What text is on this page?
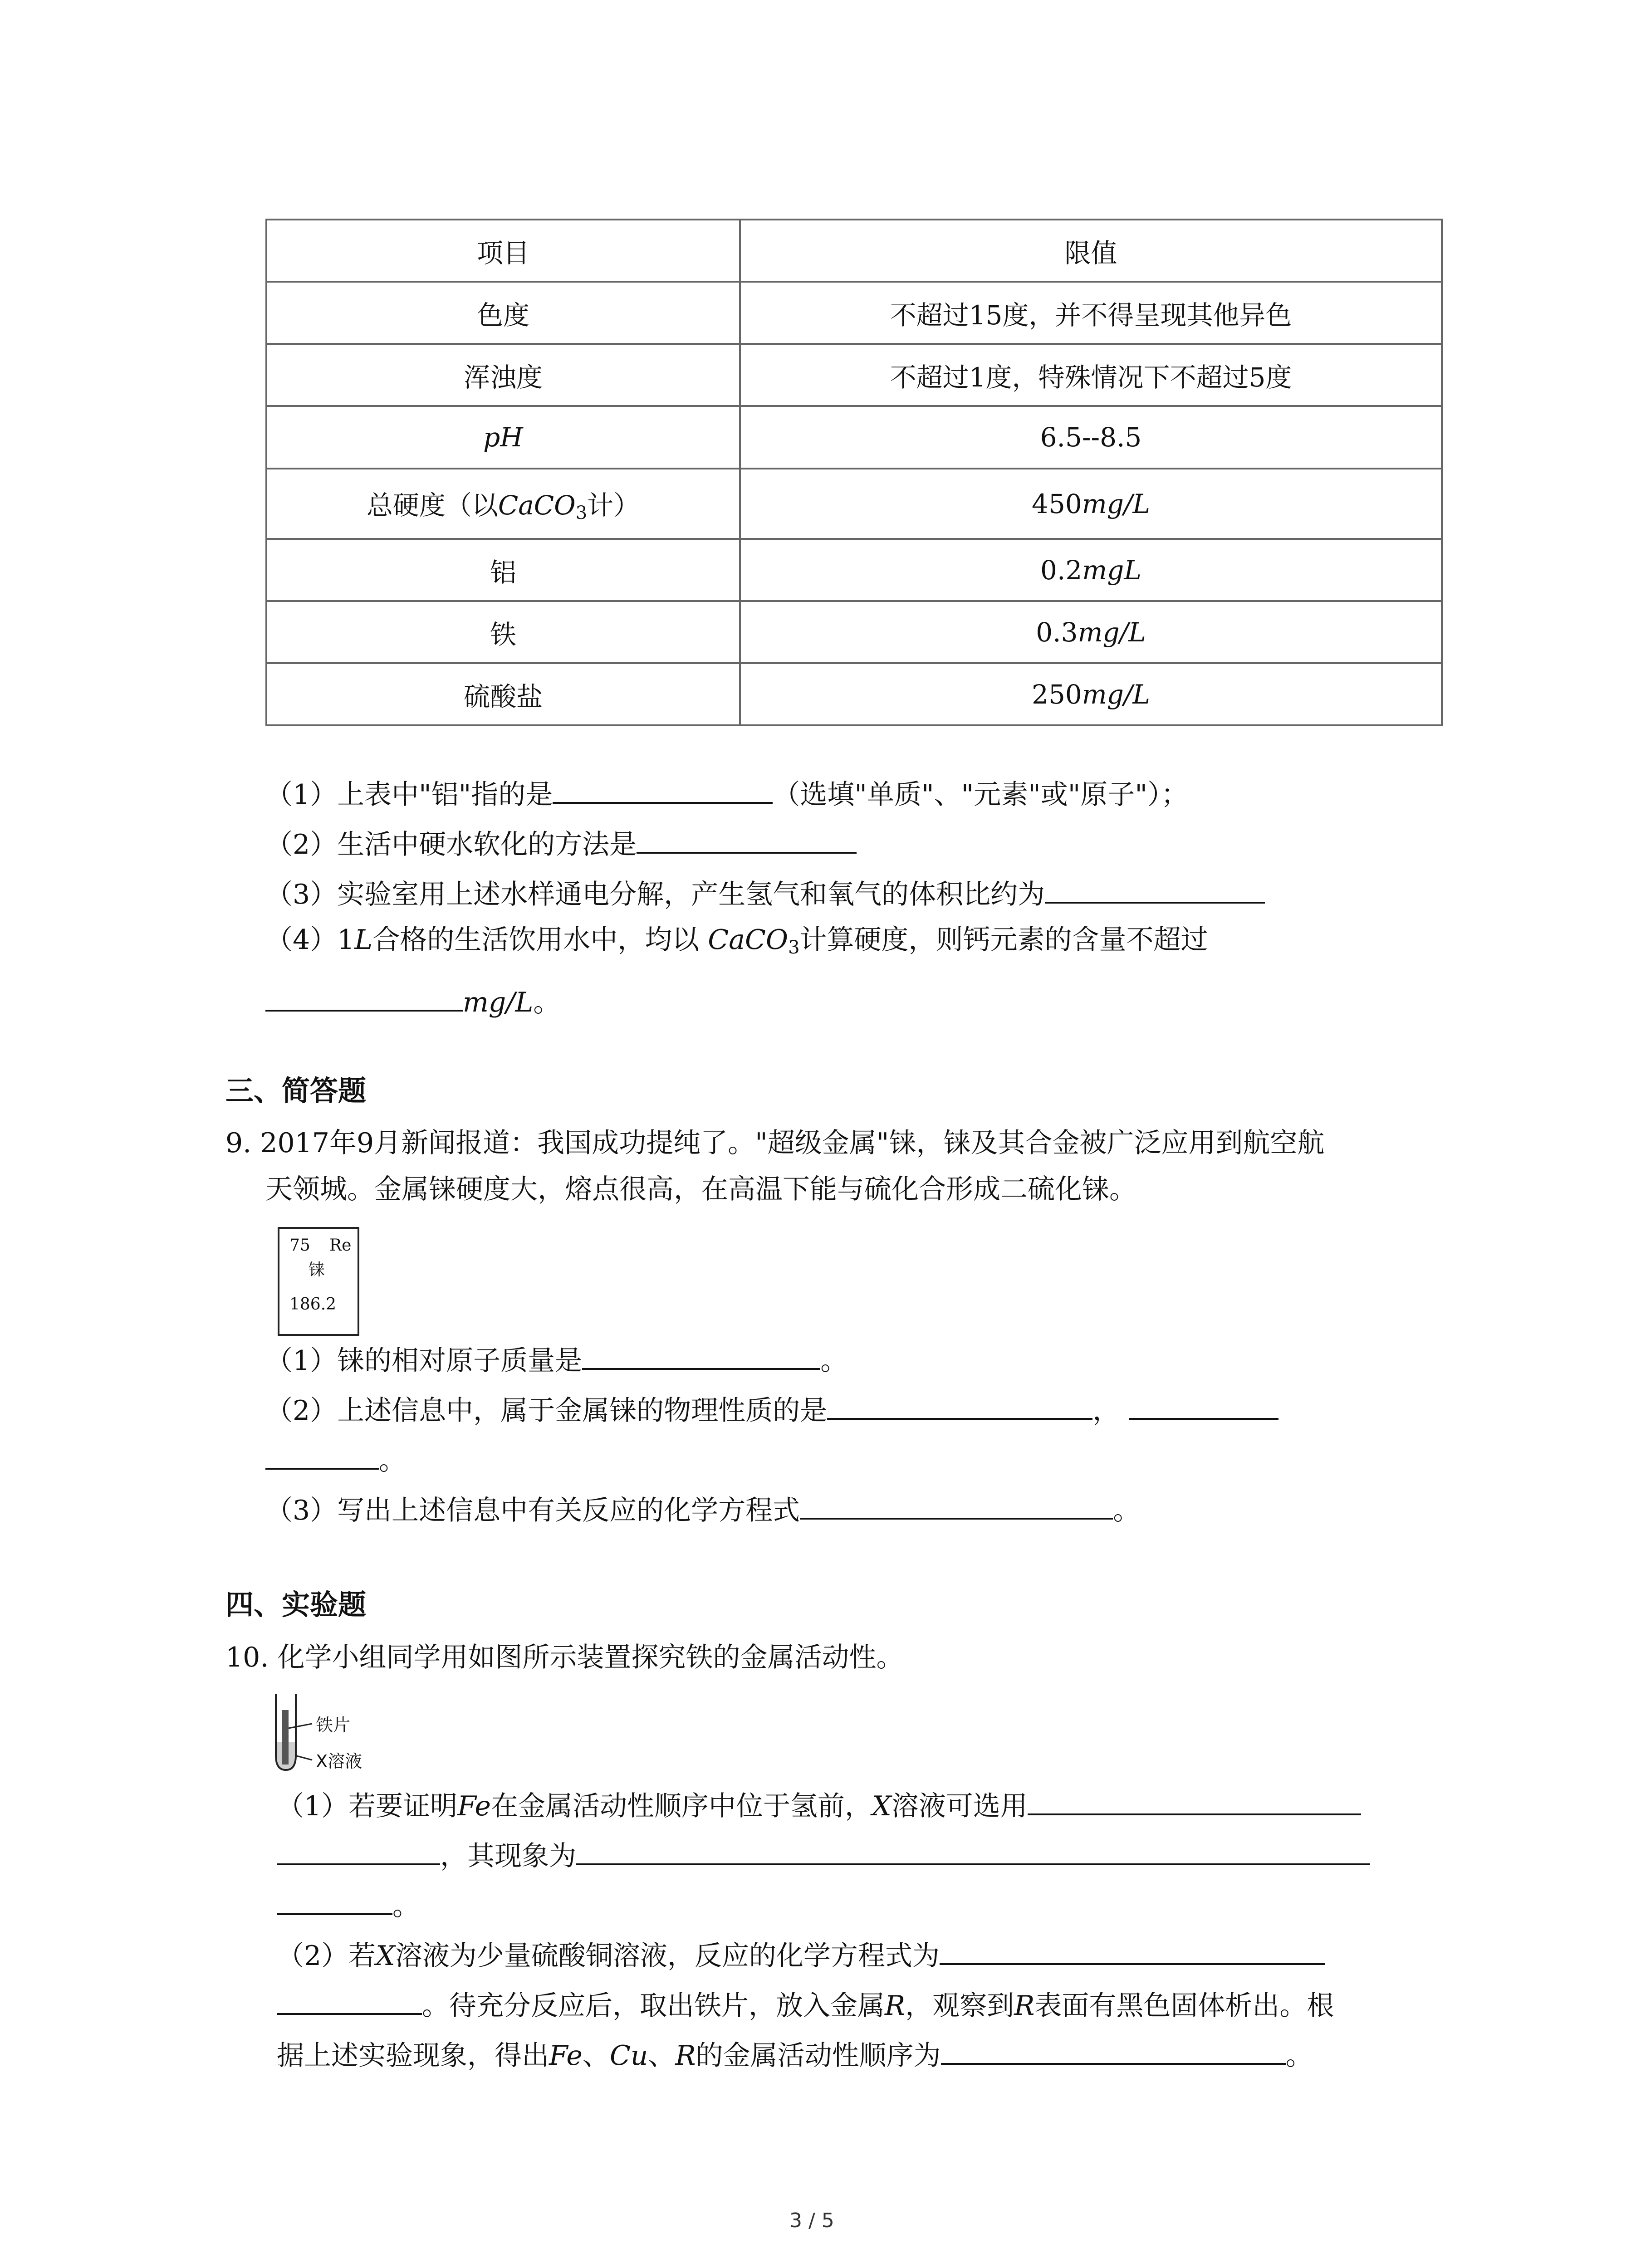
项目	限值
色度	不超过15度，并不得呈现其他异色
浑浊度	不超过1度，特殊情况下不超过5度
pH	6.5--8.5
总硬度（以CaCO$_3$计）	450mg/L
铝	0.2mgL
铁	0.3mg/L
硫酸盐	250mg/L
（1）上表中"铝"指的是	（选填"单质"、"元素"或"原子"）；
（2）生活中硬水软化的方法是
（3）实验室用上述水样通电分解，产生氢气和氧气的体积比约为
（4）1L合格的生活饮用水中，均以 CaCO$_3$计算硬度，则钙元素的含量不超过
mg/L。
三、简答题
9. 2017年9月新闻报道：我国成功提纯了。"超级金属"铼，铼及其合金被广泛应用到航空航
天领城。金属铼硬度大，熔点很高，在高温下能与硫化合形成二硫化铼。
75 Re
铼
186.2
（1）铼的相对原子质量是	。
（2）上述信息中，属于金属铼的物理性质的是	，
。
（3）写出上述信息中有关反应的化学方程式	。
四、实验题
10. 化学小组同学用如图所示装置探究铁的金属活动性。
铁片
X溶液
（1）若要证明Fe在金属活动性顺序中位于氢前，X溶液可选用
，其现象为
。
（2）若X溶液为少量硫酸铜溶液，反应的化学方程式为
。待充分反应后，取出铁片，放入金属R，观察到R表面有黑色固体析出。根
据上述实验现象，得出Fe、Cu、R的金属活动性顺序为	。
3 / 5
